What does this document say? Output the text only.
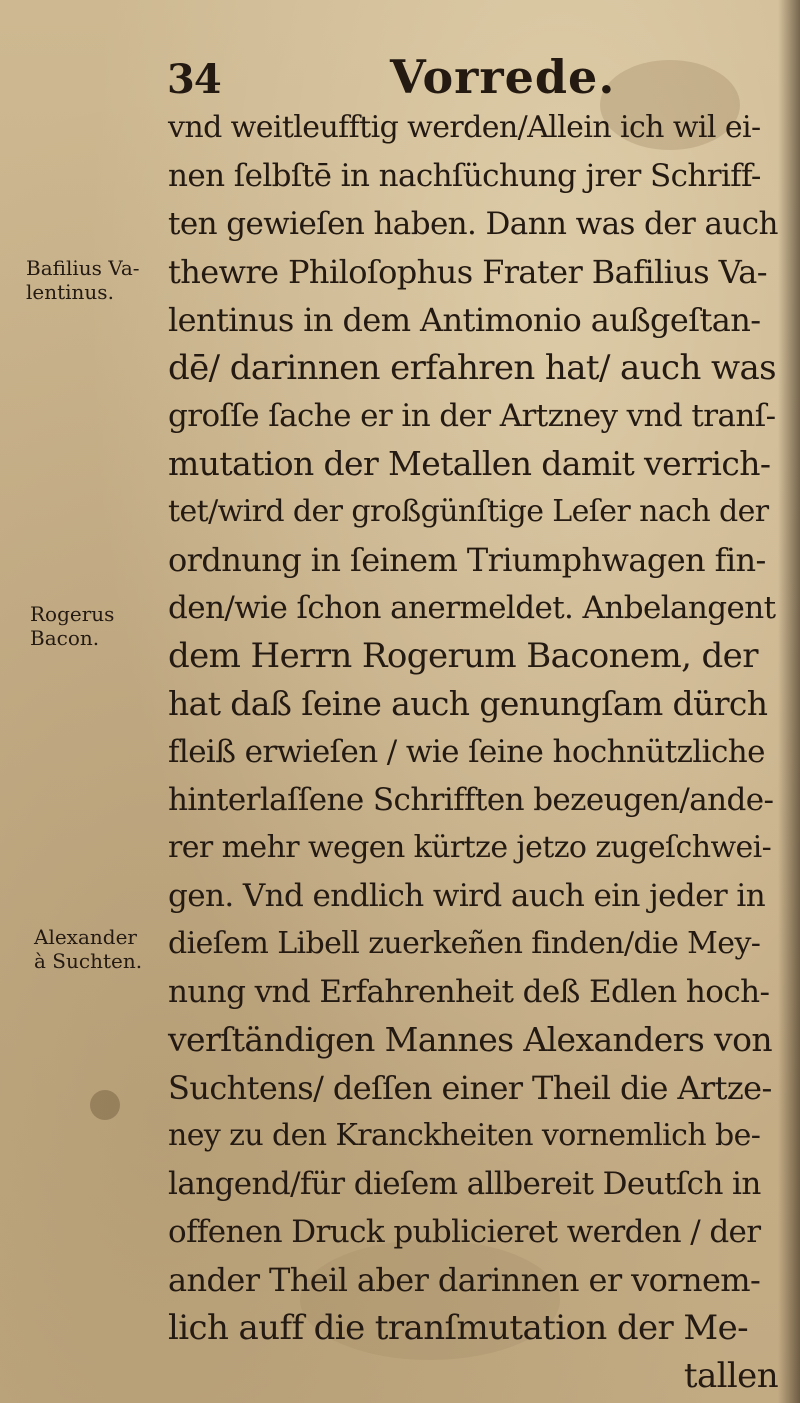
34	Vorrede.
Bafilius Va-
lentinus.
Rogerus
Bacon.
Alexander
à Suchten.
vnd weitleufftig werden/Allein ich wil ei-
nen ſelbſtē in nachſüchung jrer Schriff-
ten gewieſen haben. Dann was der auch
thewre Philoſophus Frater Bafilius Va-
lentinus in dem Antimonio außgeſtan-
dē/ darinnen erfahren hat/ auch was
groſſe ſache er in der Artzney vnd tranſ-
mutation der Metallen damit verrich-
tet/wird der großgünſtige Leſer nach der
ordnung in ſeinem Triumphwagen fin-
den/wie ſchon anermeldet. Anbelangent
dem Herrn Rogerum Baconem, der
hat daß ſeine auch genungſam dürch
fleiß erwieſen / wie ſeine hochnützliche
hinterlaſſene Schrifften bezeugen/ande-
rer mehr wegen kürtze jetzo zugeſchwei-
gen. Vnd endlich wird auch ein jeder in
dieſem Libell zuerkeñen finden/die Mey-
nung vnd Erfahrenheit deß Edlen hoch-
verſtändigen Mannes Alexanders von
Suchtens/ deſſen einer Theil die Artze-
ney zu den Kranckheiten vornemlich be-
langend/für dieſem allbereit Deutſch in
offenen Druck publicieret werden / der
ander Theil aber darinnen er vornem-
lich auff die tranſmutation der Me-
tallen
